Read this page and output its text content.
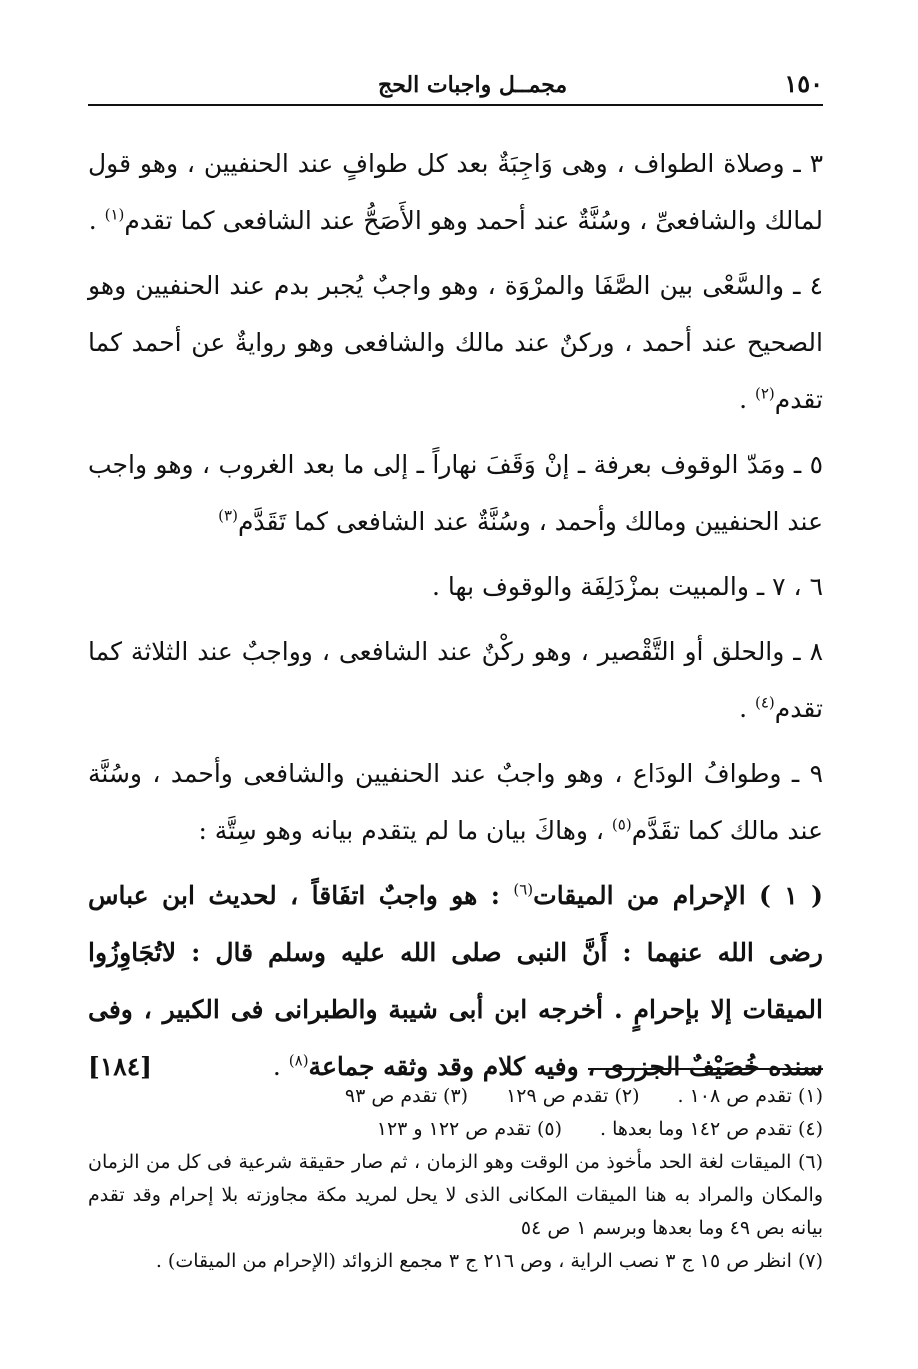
١٥٠
مجمــل واجبات الحج

٣ ـ وصلاة الطواف ، وهى وَاجِبَةٌ بعد كل طوافٍ عند الحنفيين ، وهو قول لمالك والشافعىِّ ، وسُنَّةٌ عند أحمد وهو الأَصَحُّ عند الشافعى كما تقدم$^{(١)}$ .

٤ ـ والسَّعْى بين الصَّفَا والمرْوَة ، وهو واجبٌ يُجبر بدم عند الحنفيين وهو الصحيح عند أحمد ، وركنٌ عند مالك والشافعى وهو روايةٌ عن أحمد كما تقدم$^{(٢)}$ .

٥ ـ ومَدّ الوقوف بعرفة ـ إنْ وَقَفَ نهاراً ـ إلى ما بعد الغروب ، وهو واجب عند الحنفيين ومالك وأحمد ، وسُنَّةٌ عند الشافعى كما تَقَدَّم$^{(٣)}$

٦ ، ٧ ـ والمبيت بمزْدَلِفَة والوقوف بها .

٨ ـ والحلق أو التَّقْصير ، وهو ركْنٌ عند الشافعى ، وواجبٌ عند الثلاثة كما تقدم$^{(٤)}$ .

٩ ـ وطوافُ الودَاع ، وهو واجبٌ عند الحنفيين والشافعى وأحمد ، وسُنَّة عند مالك كما تقَدَّم$^{(٥)}$ ، وهاكَ بيان ما لم يتقدم بيانه وهو سِتَّة :

( ١ ) الإحرام من الميقات$^{(٦)}$ : هو واجبٌ اتفَاقاً ، لحديث ابن عباس رضى الله عنهما : أَنَّ النبى صلى الله عليه وسلم قال : لاتُجَاوِزُوا الميقات إلا بإحرامٍ . أخرجه ابن أبى شيبة والطبرانى فى الكبير ، وفى سنده خُصَيْفٌ الجزرى ، وفيه كلام وقد وثقه جماعة$^{(٨)}$ .
[١٨٤]

(١) تقدم ص ١٠٨ .
(٢) تقدم ص ١٢٩
(٣) تقدم ص ٩٣
(٤) تقدم ص ١٤٢ وما بعدها .
(٥) تقدم ص ١٢٢ و ١٢٣

(٦) الميقات لغة الحد مأخوذ من الوقت وهو الزمان ، ثم صار حقيقة شرعية فى كل من الزمان والمكان والمراد به هنا الميقات المكانى الذى لا يحل لمريد مكة مجاوزته بلا إحرام وقد تقدم بيانه بص ٤٩ وما بعدها وبرسم ١ ص ٥٤

(٧) انظر ص ١٥ ج ٣ نصب الراية ، وص ٢١٦ ج ٣ مجمع الزوائد (الإحرام من الميقات) .
